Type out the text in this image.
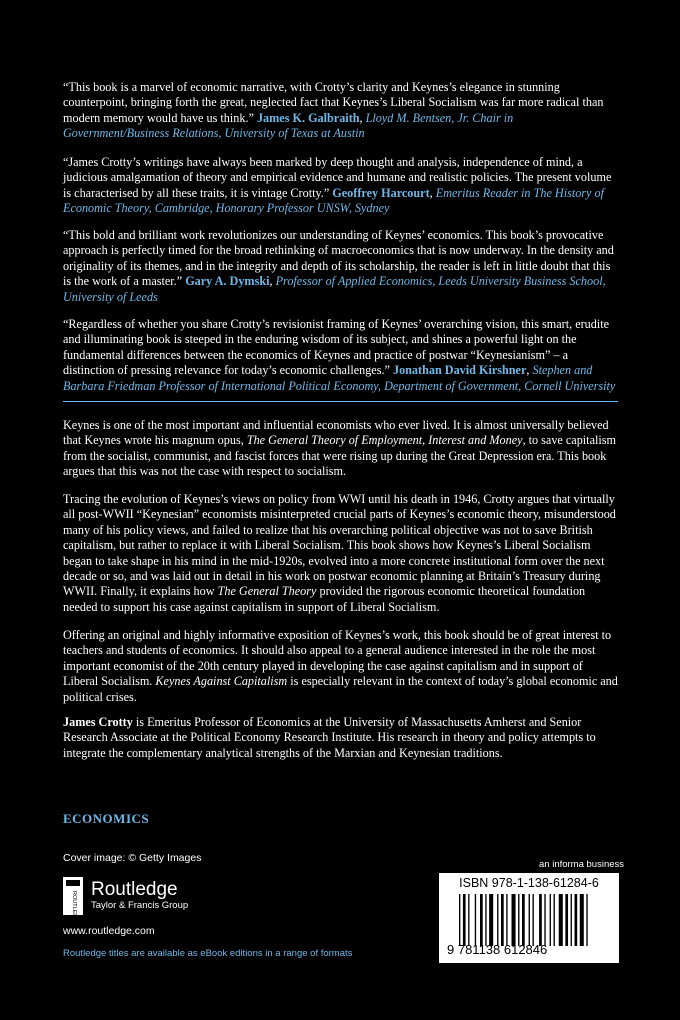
“This book is a marvel of economic narrative, with Crotty’s clarity and Keynes’s elegance in stunning counterpoint, bringing forth the great, neglected fact that Keynes’s Liberal Socialism was far more radical than modern memory would have us think.” James K. Galbraith, Lloyd M. Bentsen, Jr. Chair in Government/Business Relations, University of Texas at Austin
“James Crotty’s writings have always been marked by deep thought and analysis, independence of mind, a judicious amalgamation of theory and empirical evidence and humane and realistic policies. The present volume is characterised by all these traits, it is vintage Crotty.” Geoffrey Harcourt, Emeritus Reader in The History of Economic Theory, Cambridge, Honorary Professor UNSW, Sydney
“This bold and brilliant work revolutionizes our understanding of Keynes’ economics. This book’s provocative approach is perfectly timed for the broad rethinking of macroeconomics that is now underway. In the density and originality of its themes, and in the integrity and depth of its scholarship, the reader is left in little doubt that this is the work of a master.” Gary A. Dymski, Professor of Applied Economics, Leeds University Business School, University of Leeds
“Regardless of whether you share Crotty’s revisionist framing of Keynes’ overarching vision, this smart, erudite and illuminating book is steeped in the enduring wisdom of its subject, and shines a powerful light on the fundamental differences between the economics of Keynes and practice of postwar “Keynesianism” – a distinction of pressing relevance for today’s economic challenges.” Jonathan David Kirshner, Stephen and Barbara Friedman Professor of International Political Economy, Department of Government, Cornell University

Keynes is one of the most important and influential economists who ever lived. It is almost universally believed that Keynes wrote his magnum opus, The General Theory of Employment, Interest and Money, to save capitalism from the socialist, communist, and fascist forces that were rising up during the Great Depression era. This book argues that this was not the case with respect to socialism.

Tracing the evolution of Keynes’s views on policy from WWI until his death in 1946, Crotty argues that virtually all post-WWII “Keynesian” economists misinterpreted crucial parts of Keynes’s economic theory, misunderstood many of his policy views, and failed to realize that his overarching political objective was not to save British capitalism, but rather to replace it with Liberal Socialism. This book shows how Keynes’s Liberal Socialism began to take shape in his mind in the mid-1920s, evolved into a more concrete institutional form over the next decade or so, and was laid out in detail in his work on postwar economic planning at Britain’s Treasury during WWII. Finally, it explains how The General Theory provided the rigorous economic theoretical foundation needed to support his case against capitalism in support of Liberal Socialism.

Offering an original and highly informative exposition of Keynes’s work, this book should be of great interest to teachers and students of economics. It should also appeal to a general audience interested in the role the most important economist of the 20th century played in developing the case against capitalism and in support of Liberal Socialism. Keynes Against Capitalism is especially relevant in the context of today’s global economic and political crises.

James Crotty is Emeritus Professor of Economics at the University of Massachusetts Amherst and Senior Research Associate at the Political Economy Research Institute. His research in theory and policy attempts to integrate the complementary analytical strengths of the Marxian and Keynesian traditions.

ECONOMICS
Cover image: © Getty Images
ROUTLEDGE
Routledge
Taylor & Francis Group
www.routledge.com
an informa business
ISBN 978-1-138-61284-6
9 781138 612846
Routledge titles are available as eBook editions in a range of formats
